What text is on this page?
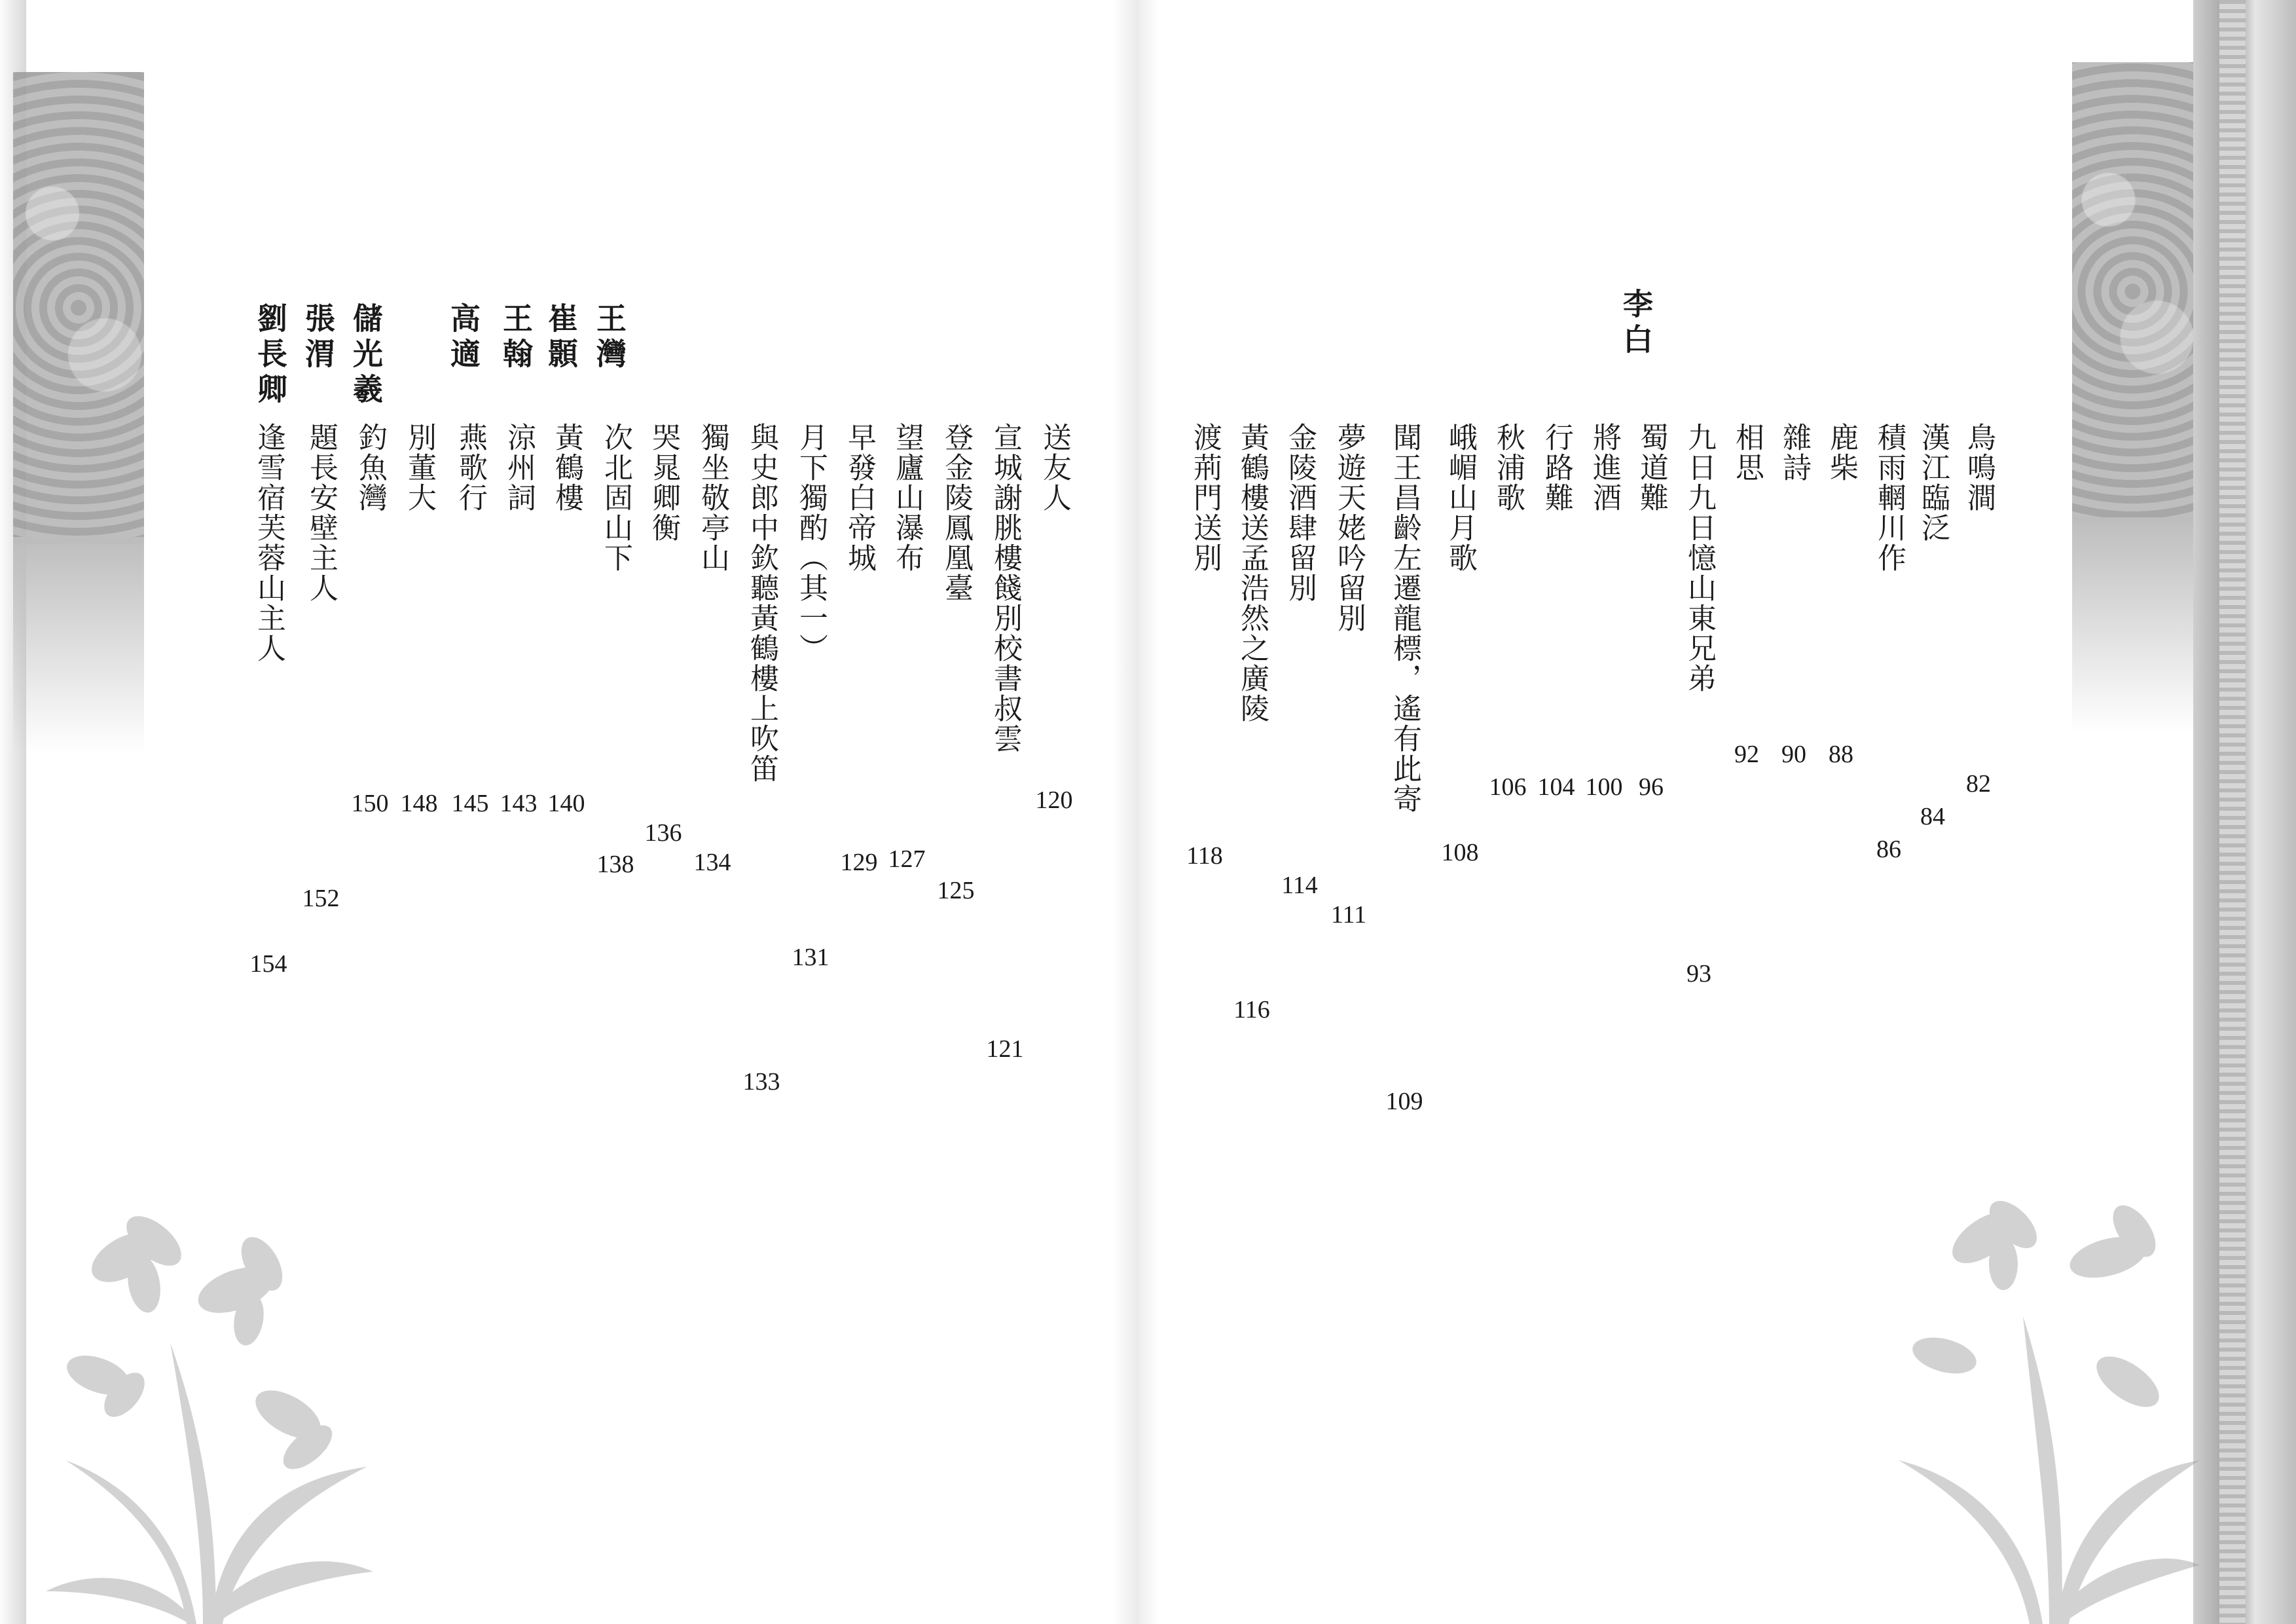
⠀	李白
王灣
崔顥
王翰
高適
儲光羲
張渭
劉長卿
鳥鳴澗
82
漢江臨泛
84
積雨輞川作
86
鹿柴
88
雜詩
90
相思
92
九日九日憶山東兄弟
93
蜀道難
96
將進酒
100
行路難
104
秋浦歌
106
峨嵋山月歌
108
聞王昌齡左遷龍標，遙有此寄
109
夢遊天姥吟留別
111
金陵酒肆留別
114
黃鶴樓送孟浩然之廣陵
116
渡荊門送別
118
送友人
120
宣城謝朓樓餞別校書叔雲
121
登金陵鳳凰臺
125
望廬山瀑布
127
早發白帝城
129
月下獨酌（其一）
131
與史郎中欽聽黃鶴樓上吹笛
133
獨坐敬亭山
134
哭晁卿衡
136
次北固山下
138
黃鶴樓
140
涼州詞
143
燕歌行
145
別董大
148
釣魚灣
150
題長安壁主人
152
逢雪宿芙蓉山主人
154
